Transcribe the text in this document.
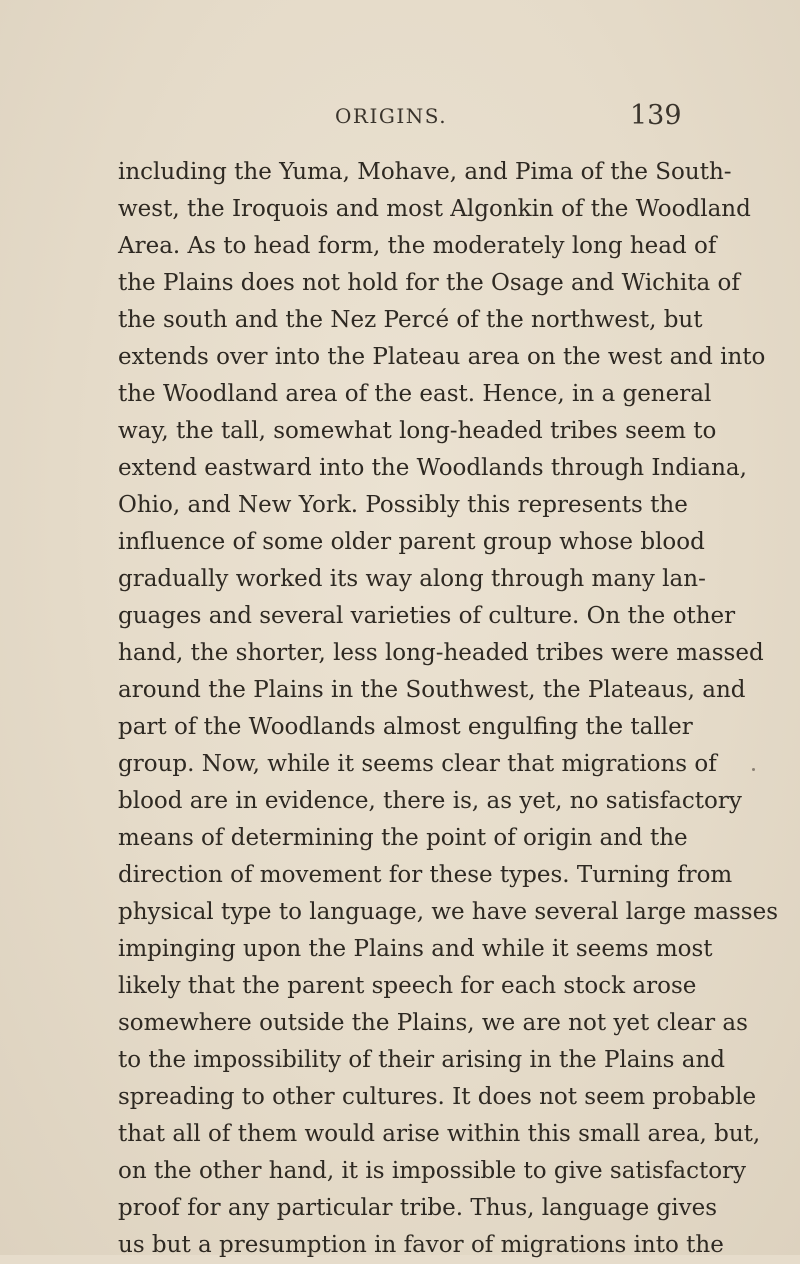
ORIGINS.	139
including the Yuma, Mohave, and Pima of the South-
west, the Iroquois and most Algonkin of the Woodland
Area. As to head form, the moderately long head of
the Plains does not hold for the Osage and Wichita of
the south and the Nez Percé of the northwest, but
extends over into the Plateau area on the west and into
the Woodland area of the east. Hence, in a general
way, the tall, somewhat long-headed tribes seem to
extend eastward into the Woodlands through Indiana,
Ohio, and New York. Possibly this represents the
influence of some older parent group whose blood
gradually worked its way along through many lan-
guages and several varieties of culture. On the other
hand, the shorter, less long-headed tribes were massed
around the Plains in the Southwest, the Plateaus, and
part of the Woodlands almost engulfing the taller
group. Now, while it seems clear that migrations of
blood are in evidence, there is, as yet, no satisfactory
means of determining the point of origin and the
direction of movement for these types. Turning from
physical type to language, we have several large masses
impinging upon the Plains and while it seems most
likely that the parent speech for each stock arose
somewhere outside the Plains, we are not yet clear as
to the impossibility of their arising in the Plains and
spreading to other cultures. It does not seem probable
that all of them would arise within this small area, but,
on the other hand, it is impossible to give satisfactory
proof for any particular tribe. Thus, language gives
us but a presumption in favor of migrations into the
